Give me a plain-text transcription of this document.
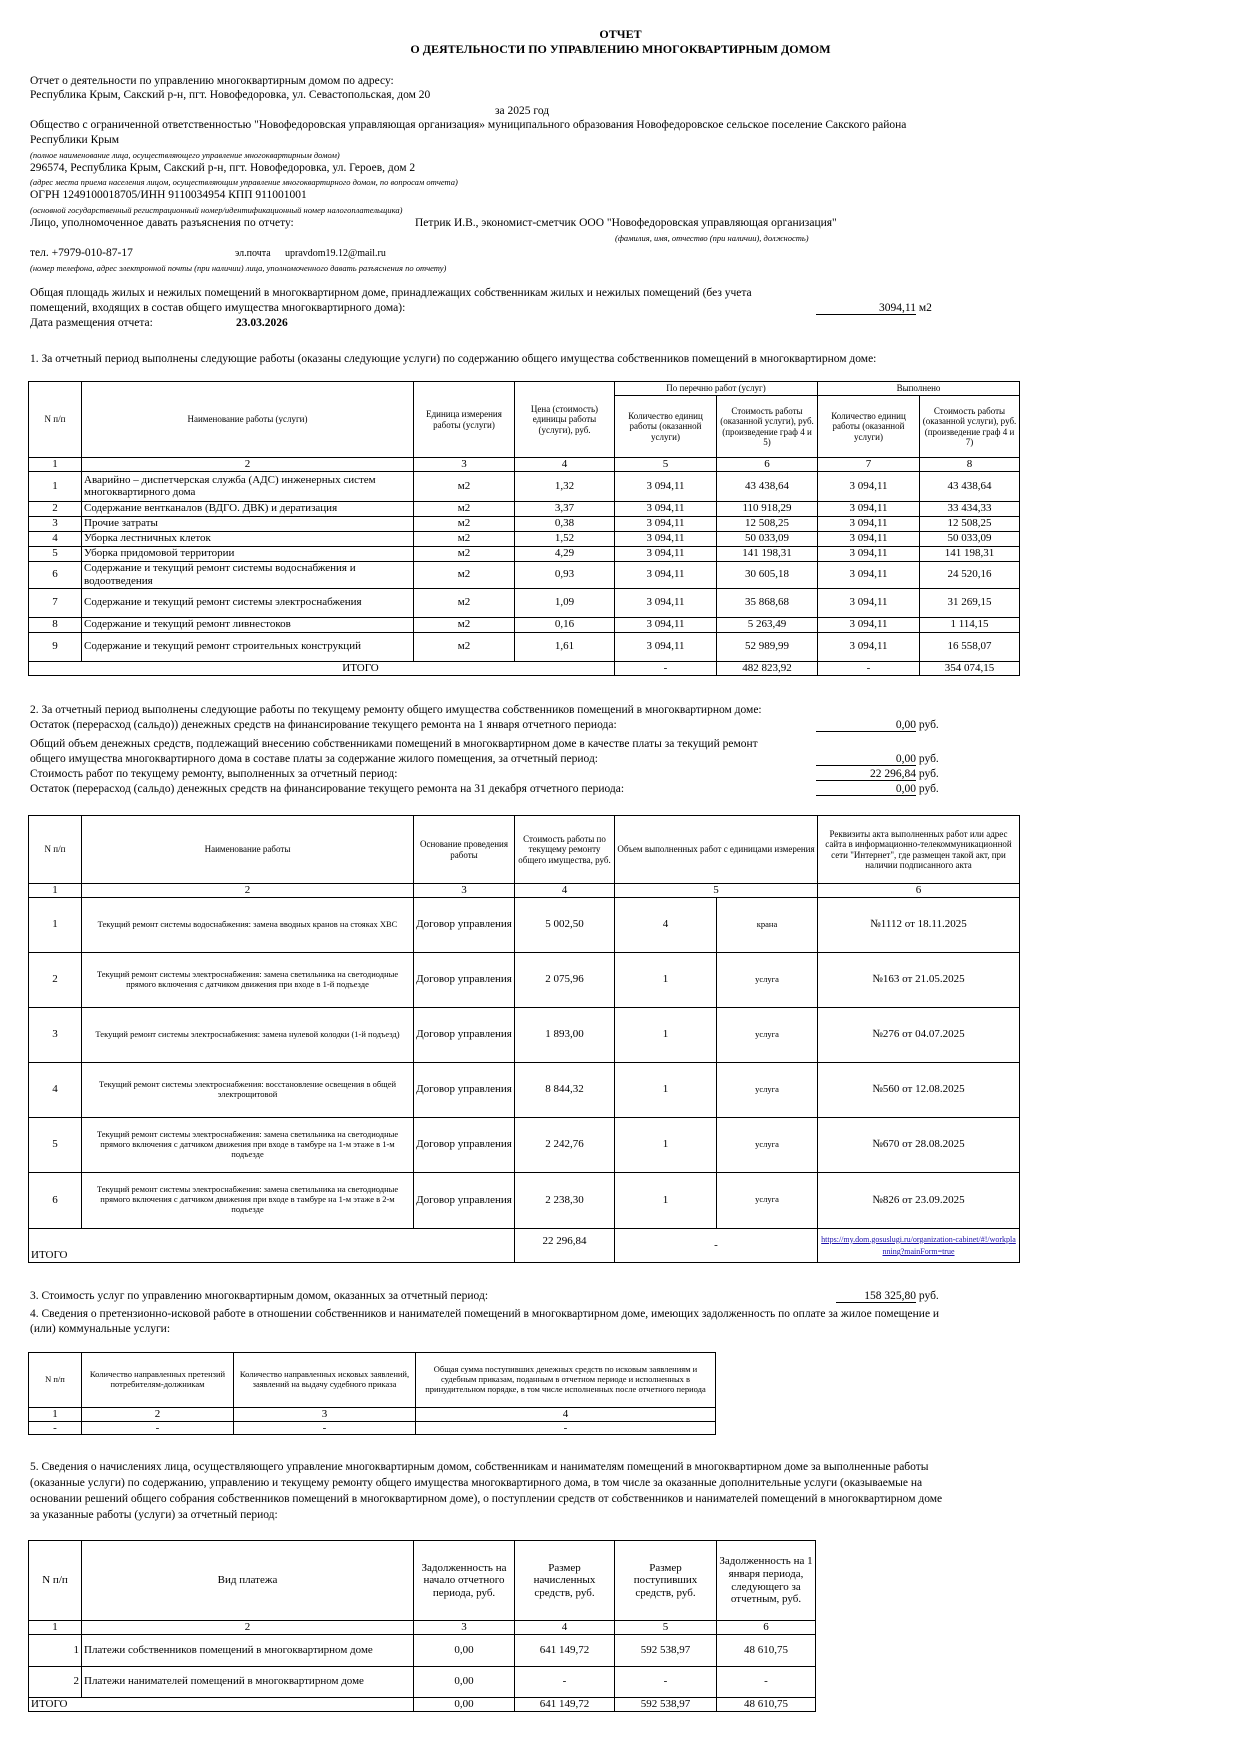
ОТЧЕТ
О ДЕЯТЕЛЬНОСТИ ПО УПРАВЛЕНИЮ МНОГОКВАРТИРНЫМ ДОМОМ
Отчет о деятельности по управлению многоквартирным домом по адресу:
Республика Крым, Сакский р-н, пгт. Новофедоровка, ул. Севастопольская, дом 20
за 2025 год
Общество с ограниченной ответственностью "Новофедоровская управляющая организация» муниципального образования Новофедоровское сельское поселение Сакского района
Республики Крым
(полное наименование лица, осуществляющего управление многоквартирным домом)
296574, Республика Крым, Сакский р-н, пгт. Новофедоровка, ул. Героев, дом 2
(адрес места приема населения лицом, осуществляющим управление многоквартирного домом, по вопросам отчета)
ОГРН 1249100018705/ИНН 9110034954 КПП 911001001
(основной государственный регистрационный номер/идентификационный номер налогоплательщика)
Лицо, уполномоченное давать разъяснения по отчету:	Петрик И.В., экономист-сметчик ООО "Новофедоровская управляющая организация"
(фамилия, имя, отчество (при наличии), должность)
тел. +7979-010-87-17	эл.почта upravdom19.12@mail.ru
(номер телефона, адрес электронной почты (при наличии) лица, уполномоченного давать разъяснения по отчету)
Общая площадь жилых и нежилых помещений в многоквартирном доме, принадлежащих собственникам жилых и нежилых помещений (без учета
помещений, входящих в состав общего имущества многоквартирного дома):	3094,11 м2
Дата размещения отчета:	23.03.2026
1. За отчетный период выполнены следующие работы (оказаны следующие услуги) по содержанию общего имущества собственников помещений в многоквартирном доме:
N п/п	Наименование работы (услуги)	Единица измерения работы (услуги)	Цена (стоимость) единицы работы (услуги), руб.	По перечню работ (услуг)		Выполнено	
				Количество единиц работы (оказанной услуги)	Стоимость работы (оказанной услуги), руб. (произведение граф 4 и 5)	Количество единиц работы (оказанной услуги)	Стоимость работы (оказанной услуги), руб. (произведение граф 4 и 7)
1	2	3	4	5	6	7	8
1	Аварийно – диспетчерская служба (АДС) инженерных систем многоквартирного дома	м2	1,32	3 094,11	43 438,64	3 094,11	43 438,64
2	Содержание вентканалов (ВДГО. ДВК) и дератизация	м2	3,37	3 094,11	110 918,29	3 094,11	33 434,33
3	Прочие затраты	м2	0,38	3 094,11	12 508,25	3 094,11	12 508,25
4	Уборка лестничных клеток	м2	1,52	3 094,11	50 033,09	3 094,11	50 033,09
5	Уборка придомовой территории	м2	4,29	3 094,11	141 198,31	3 094,11	141 198,31
6	Содержание и текущий ремонт системы водоснабжения и водоотведения	м2	0,93	3 094,11	30 605,18	3 094,11	24 520,16
7	Содержание и текущий ремонт системы электроснабжения	м2	1,09	3 094,11	35 868,68	3 094,11	31 269,15
8	Содержание и текущий ремонт ливнестоков	м2	0,16	3 094,11	5 263,49	3 094,11	1 114,15
9	Содержание и текущий ремонт строительных конструкций	м2	1,61	3 094,11	52 989,99	3 094,11	16 558,07
ИТОГО				-	482 823,92	-	354 074,15
2. За отчетный период выполнены следующие работы по текущему ремонту общего имущества собственников помещений в многоквартирном доме:
Остаток (перерасход (сальдо)) денежных средств на финансирование текущего ремонта на 1 января отчетного периода:	0,00 руб.
Общий объем денежных средств, подлежащий внесению собственниками помещений в многоквартирном доме в качестве платы за текущий ремонт
общего имущества многоквартирного дома в составе платы за содержание жилого помещения, за отчетный период:	0,00 руб.
Стоимость работ по текущему ремонту, выполненных за отчетный период:	22 296,84 руб.
Остаток (перерасход (сальдо) денежных средств на финансирование текущего ремонта на 31 декабря отчетного периода:	0,00 руб.
N п/п	Наименование работы	Основание проведения работы	Стоимость работы по текущему ремонту общего имущества, руб.	Объем выполненных работ с единицами измерения		Реквизиты акта выполненных работ или адрес сайта в информационно-телекоммуникационной сети "Интернет", где размещен такой акт, при наличии подписанного акта
1	2	3	4	5		6
1	Текущий ремонт системы водоснабжения: замена вводных кранов на стояках ХВС	Договор управления	5 002,50	4	крана	№1112 от 18.11.2025
2	Текущий ремонт системы электроснабжения: замена светильника на светодиодные прямого включения с датчиком движения при входе в 1-й подъезде	Договор управления	2 075,96	1	услуга	№163 от 21.05.2025
3	Текущий ремонт системы электроснабжения: замена нулевой колодки (1-й подъезд)	Договор управления	1 893,00	1	услуга	№276 от 04.07.2025
4	Текущий ремонт системы электроснабжения: восстановление освещения в общей электрощитовой	Договор управления	8 844,32	1	услуга	№560 от 12.08.2025
5	Текущий ремонт системы электроснабжения: замена светильника на светодиодные прямого включения с датчиком движения при входе в тамбуре на 1-м этаже в 1-м подъезде	Договор управления	2 242,76	1	услуга	№670 от 28.08.2025
6	Текущий ремонт системы электроснабжения: замена светильника на светодиодные прямого включения с датчиком движения при входе в тамбуре на 1-м этаже в 2-м подъезде	Договор управления	2 238,30	1	услуга	№826 от 23.09.2025
ИТОГО			22 296,84	-		https://my.dom.gosuslugi.ru/organization-cabinet/#!/workplanning?mainForm=true
3. Стоимость услуг по управлению многоквартирным домом, оказанных за отчетный период:	158 325,80 руб.
4. Сведения о претензионно-исковой работе в отношении собственников и нанимателей помещений в многоквартирном доме, имеющих задолженность по оплате за жилое помещение и
(или) коммунальные услуги:
N п/п	Количество направленных претензий потребителям-должникам	Количество направленных исковых заявлений, заявлений на выдачу судебного приказа	Общая сумма поступивших денежных средств по исковым заявлениям и судебным приказам, поданным в отчетном периоде и исполненных в принудительном порядке, в том числе исполненных после отчетного периода
1	2	3	4
-	-	-	-
5. Сведения о начислениях лица, осуществляющего управление многоквартирным домом, собственникам и нанимателям помещений в многоквартирном доме за выполненные работы
(оказанные услуги) по содержанию, управлению и текущему ремонту общего имущества многоквартирного дома, в том числе за оказанные дополнительные услуги (оказываемые на
основании решений общего собрания собственников помещений в многоквартирном доме), о поступлении средств от собственников и нанимателей помещений в многоквартирном доме
за указанные работы (услуги) за отчетный период:
N п/п	Вид платежа	Задолженность на начало отчетного периода, руб.	Размер начисленных средств, руб.	Размер поступивших средств, руб.	Задолженность на 1 января периода, следующего за отчетным, руб.
1	2	3	4	5	6
1	Платежи собственников помещений в многоквартирном доме	0,00	641 149,72	592 538,97	48 610,75
2	Платежи нанимателей помещений в многоквартирном доме	0,00	-	-	-
ИТОГО		0,00	641 149,72	592 538,97	48 610,75
